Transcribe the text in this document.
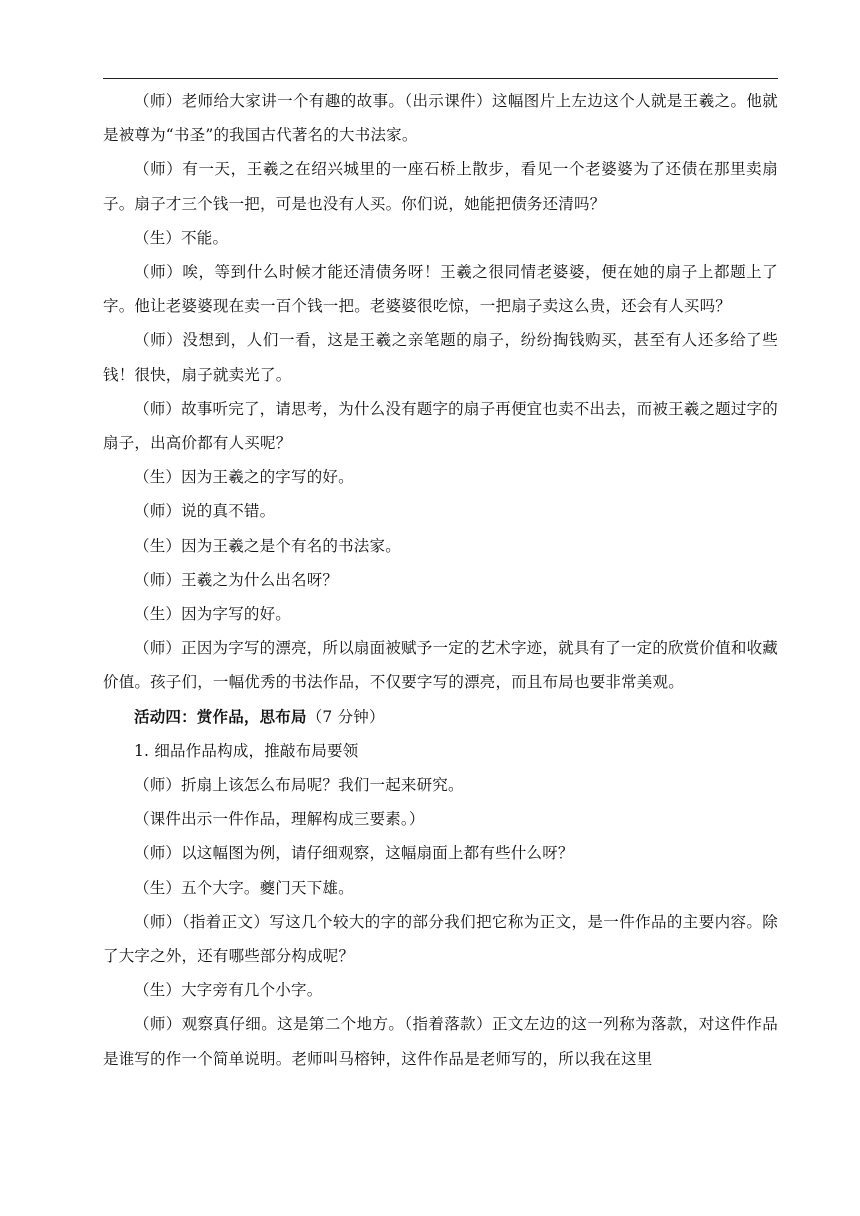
（师）老师给大家讲一个有趣的故事。（出示课件）这幅图片上左边这个人就是王羲之。他就是被尊为“书圣”的我国古代著名的大书法家。

（师）有一天，王羲之在绍兴城里的一座石桥上散步，看见一个老婆婆为了还债在那里卖扇子。扇子才三个钱一把，可是也没有人买。你们说，她能把债务还清吗？

（生）不能。

（师）唉，等到什么时候才能还清债务呀！王羲之很同情老婆婆，便在她的扇子上都题上了字。他让老婆婆现在卖一百个钱一把。老婆婆很吃惊，一把扇子卖这么贵，还会有人买吗？

（师）没想到，人们一看，这是王羲之亲笔题的扇子，纷纷掏钱购买，甚至有人还多给了些钱！很快，扇子就卖光了。

（师）故事听完了，请思考，为什么没有题字的扇子再便宜也卖不出去，而被王羲之题过字的扇子，出高价都有人买呢？

（生）因为王羲之的字写的好。

（师）说的真不错。

（生）因为王羲之是个有名的书法家。

（师）王羲之为什么出名呀？

（生）因为字写的好。

（师）正因为字写的漂亮，所以扇面被赋予一定的艺术字迹，就具有了一定的欣赏价值和收藏价值。孩子们，一幅优秀的书法作品，不仅要字写的漂亮，而且布局也要非常美观。

活动四：赏作品，思布局（7 分钟）

1. 细品作品构成，推敲布局要领

（师）折扇上该怎么布局呢？我们一起来研究。

（课件出示一件作品，理解构成三要素。）

（师）以这幅图为例，请仔细观察，这幅扇面上都有些什么呀？

（生）五个大字。夔门天下雄。

（师）（指着正文）写这几个较大的字的部分我们把它称为正文，是一件作品的主要内容。除了大字之外，还有哪些部分构成呢？

（生）大字旁有几个小字。

（师）观察真仔细。这是第二个地方。（指着落款）正文左边的这一列称为落款，对这件作品是谁写的作一个简单说明。老师叫马榕钟，这件作品是老师写的，所以我在这里
